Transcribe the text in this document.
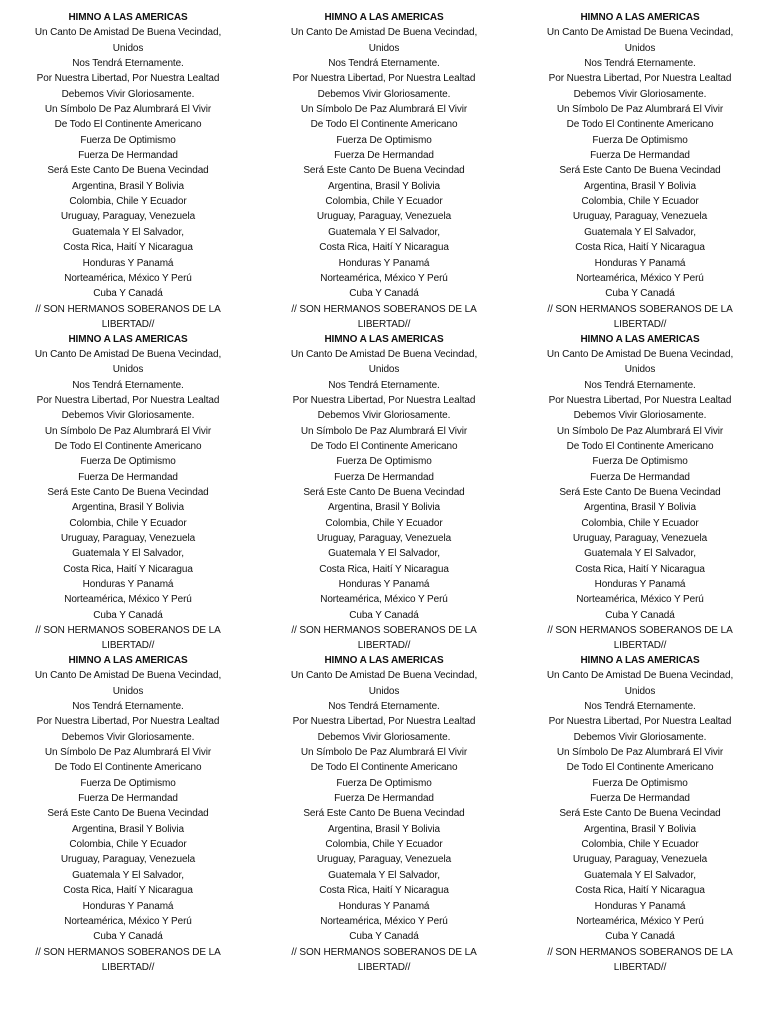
HIMNO A LAS AMERICAS
Un Canto De Amistad De Buena Vecindad,
Unidos
Nos Tendrá Eternamente.
Por Nuestra Libertad, Por Nuestra Lealtad
Debemos Vivir Gloriosamente.
Un Símbolo De Paz Alumbrará El Vivir
De Todo El Continente Americano
Fuerza De Optimismo
Fuerza De Hermandad
Será Este Canto De Buena Vecindad
Argentina, Brasil Y Bolivia
Colombia, Chile Y Ecuador
Uruguay, Paraguay, Venezuela
Guatemala Y El Salvador,
Costa Rica, Haití Y Nicaragua
Honduras Y Panamá
Norteamérica, México Y Perú
Cuba Y Canadá
// SON HERMANOS SOBERANOS DE LA
LIBERTAD//
HIMNO A LAS AMERICAS
Un Canto De Amistad De Buena Vecindad,
Unidos
Nos Tendrá Eternamente.
Por Nuestra Libertad, Por Nuestra Lealtad
Debemos Vivir Gloriosamente.
Un Símbolo De Paz Alumbrará El Vivir
De Todo El Continente Americano
Fuerza De Optimismo
Fuerza De Hermandad
Será Este Canto De Buena Vecindad
Argentina, Brasil Y Bolivia
Colombia, Chile Y Ecuador
Uruguay, Paraguay, Venezuela
Guatemala Y El Salvador,
Costa Rica, Haití Y Nicaragua
Honduras Y Panamá
Norteamérica, México Y Perú
Cuba Y Canadá
// SON HERMANOS SOBERANOS DE LA
LIBERTAD//
HIMNO A LAS AMERICAS
Un Canto De Amistad De Buena Vecindad,
Unidos
Nos Tendrá Eternamente.
Por Nuestra Libertad, Por Nuestra Lealtad
Debemos Vivir Gloriosamente.
Un Símbolo De Paz Alumbrará El Vivir
De Todo El Continente Americano
Fuerza De Optimismo
Fuerza De Hermandad
Será Este Canto De Buena Vecindad
Argentina, Brasil Y Bolivia
Colombia, Chile Y Ecuador
Uruguay, Paraguay, Venezuela
Guatemala Y El Salvador,
Costa Rica, Haití Y Nicaragua
Honduras Y Panamá
Norteamérica, México Y Perú
Cuba Y Canadá
// SON HERMANOS SOBERANOS DE LA
LIBERTAD//
HIMNO A LAS AMERICAS
Un Canto De Amistad De Buena Vecindad,
Unidos
Nos Tendrá Eternamente.
Por Nuestra Libertad, Por Nuestra Lealtad
Debemos Vivir Gloriosamente.
Un Símbolo De Paz Alumbrará El Vivir
De Todo El Continente Americano
Fuerza De Optimismo
Fuerza De Hermandad
Será Este Canto De Buena Vecindad
Argentina, Brasil Y Bolivia
Colombia, Chile Y Ecuador
Uruguay, Paraguay, Venezuela
Guatemala Y El Salvador,
Costa Rica, Haití Y Nicaragua
Honduras Y Panamá
Norteamérica, México Y Perú
Cuba Y Canadá
// SON HERMANOS SOBERANOS DE LA
LIBERTAD//
HIMNO A LAS AMERICAS
Un Canto De Amistad De Buena Vecindad,
Unidos
Nos Tendrá Eternamente.
Por Nuestra Libertad, Por Nuestra Lealtad
Debemos Vivir Gloriosamente.
Un Símbolo De Paz Alumbrará El Vivir
De Todo El Continente Americano
Fuerza De Optimismo
Fuerza De Hermandad
Será Este Canto De Buena Vecindad
Argentina, Brasil Y Bolivia
Colombia, Chile Y Ecuador
Uruguay, Paraguay, Venezuela
Guatemala Y El Salvador,
Costa Rica, Haití Y Nicaragua
Honduras Y Panamá
Norteamérica, México Y Perú
Cuba Y Canadá
// SON HERMANOS SOBERANOS DE LA
LIBERTAD//
HIMNO A LAS AMERICAS
Un Canto De Amistad De Buena Vecindad,
Unidos
Nos Tendrá Eternamente.
Por Nuestra Libertad, Por Nuestra Lealtad
Debemos Vivir Gloriosamente.
Un Símbolo De Paz Alumbrará El Vivir
De Todo El Continente Americano
Fuerza De Optimismo
Fuerza De Hermandad
Será Este Canto De Buena Vecindad
Argentina, Brasil Y Bolivia
Colombia, Chile Y Ecuador
Uruguay, Paraguay, Venezuela
Guatemala Y El Salvador,
Costa Rica, Haití Y Nicaragua
Honduras Y Panamá
Norteamérica, México Y Perú
Cuba Y Canadá
// SON HERMANOS SOBERANOS DE LA
LIBERTAD//
HIMNO A LAS AMERICAS
Un Canto De Amistad De Buena Vecindad,
Unidos
Nos Tendrá Eternamente.
Por Nuestra Libertad, Por Nuestra Lealtad
Debemos Vivir Gloriosamente.
Un Símbolo De Paz Alumbrará El Vivir
De Todo El Continente Americano
Fuerza De Optimismo
Fuerza De Hermandad
Será Este Canto De Buena Vecindad
Argentina, Brasil Y Bolivia
Colombia, Chile Y Ecuador
Uruguay, Paraguay, Venezuela
Guatemala Y El Salvador,
Costa Rica, Haití Y Nicaragua
Honduras Y Panamá
Norteamérica, México Y Perú
Cuba Y Canadá
// SON HERMANOS SOBERANOS DE LA
LIBERTAD//
HIMNO A LAS AMERICAS
Un Canto De Amistad De Buena Vecindad,
Unidos
Nos Tendrá Eternamente.
Por Nuestra Libertad, Por Nuestra Lealtad
Debemos Vivir Gloriosamente.
Un Símbolo De Paz Alumbrará El Vivir
De Todo El Continente Americano
Fuerza De Optimismo
Fuerza De Hermandad
Será Este Canto De Buena Vecindad
Argentina, Brasil Y Bolivia
Colombia, Chile Y Ecuador
Uruguay, Paraguay, Venezuela
Guatemala Y El Salvador,
Costa Rica, Haití Y Nicaragua
Honduras Y Panamá
Norteamérica, México Y Perú
Cuba Y Canadá
// SON HERMANOS SOBERANOS DE LA
LIBERTAD//
HIMNO A LAS AMERICAS
Un Canto De Amistad De Buena Vecindad,
Unidos
Nos Tendrá Eternamente.
Por Nuestra Libertad, Por Nuestra Lealtad
Debemos Vivir Gloriosamente.
Un Símbolo De Paz Alumbrará El Vivir
De Todo El Continente Americano
Fuerza De Optimismo
Fuerza De Hermandad
Será Este Canto De Buena Vecindad
Argentina, Brasil Y Bolivia
Colombia, Chile Y Ecuador
Uruguay, Paraguay, Venezuela
Guatemala Y El Salvador,
Costa Rica, Haití Y Nicaragua
Honduras Y Panamá
Norteamérica, México Y Perú
Cuba Y Canadá
// SON HERMANOS SOBERANOS DE LA
LIBERTAD//
